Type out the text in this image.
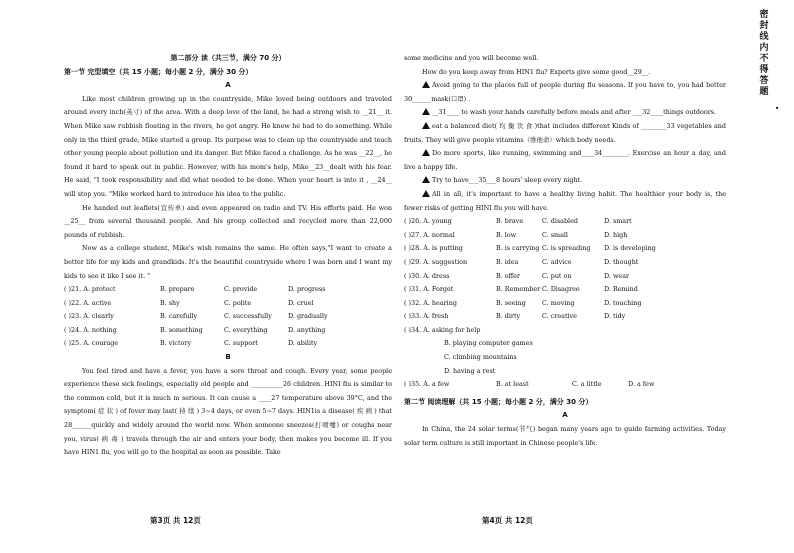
第二部分 读（共三节，满分 70 分）
第一节 完型填空（共 15 小题；每小题 2 分，满分 30 分）
A

Like most children growing up in the countryside, Mike loved being outdoors and traveled around every inch(英寸) of the area. With a deep love of the land, he had a strong wish to __21__ it. When Mike saw rubbish floating in the rivers, he got angry. He knew he had to do something. While only in the third grade, Mike started a group. Its purpose was to clean up the countryside and teach other young people about pollution and its danger. But Mike faced a challenge. As he was __22__, he found it hard to speak out in public. However, with his mom's help, Mike__23__dealt with his fear. He said, "I took responsibility and did what needed to be done. When your heart is into it , __24__ will stop you. "Mike worked hard to introduce his idea to the public.

He handed out leaflets(宣传单) and even appeared on radio and TV. His efforts paid. He won __25__ from several thousand people. And his group collected and recycled more than 22,000 pounds of rubbish.

Now as a college student, Mike's wish remains the same. He often says,"I want to create a better life for my kids and grandkids. It's the beautiful countryside where I was born and I want my kids to see it like I see it. "

( )21. A. protect	B. prepare	C. provide	D. progress
( )22. A. active	B. shy	C. polite	D. cruel
( )23. A. clearly	B. carefully	C. successfully	D. gradually
( )24. A. nothing	B. something	C. everything	D. anything
( )25. A. courage	B. victory	C. support	D. ability
B

You feel tired and have a fever, you have a sore throat and cough. Every year, some people experience these sick feelings, especially old people and __________26 children. HINI flu is similar to the common cold, but it is much m serious. It can cause a ____27 temperature above 39°C, and the symptom( 症 状 ) of fever may last( 持 续 ) 3~4 days, or even 5~7 days. HIN1is a disease( 疾 病 ) that 28______quickly and widely around the world now. When someone sneezes(打喷嚏) or coughs near you, virus( 病 毒 ) travels through the air and enters your body, then makes you become ill. If you have HIN1 flu, you will go to the hospital as soon as possible. Take

some medicine and you will become well.

How do you keep away from HIN1 flu? Experts give some good__29__.

Avoid going to the places full of people during flu seasons. If you have to, you had better 30______mask(口罩) .

__31____ to wash your hands carefully before meals and after ___32____things outdoors.

eat a balanced diet( 均 衡 饮 食 )that includes different Kinds of ________33 vegetables and fruits. They will give people vitamins（维他命）which body needs.

Do more sports, like running, swimming and____34________. Exercise an hour a day, and live a happy life.

Try to have___35___8 hours' sleep every night.

All in all, it's important to have a healthy living habit. The healthier your body is, the fewer risks of getting HINI flu you will have.

( )26. A. young	B. brave	C. disabled	D. smart
( )27. A. normal	B. low	C. small	D. high
( )28. A. is putting	B. is carrying C. is spreading	D. is developing
( )29. A. suggestion	B. idea	C. advice	D. thought
( )30. A. dress	B. offer	C. put on	D. wear
( )31. A. Forget	B. Remember C. Disagree	D. Remind
( )32. A. hearing	B. seeing	C. moving	D. touching
( )33. A. fresh	B. dirty	C. creative	D. tidy
( )34. A. asking for help
B. playing computer games
C. climbing mountains
D. having a rest
( )35. A. a few	B. at least	C. a little	D. a few
第二节 阅读理解（共 15 小题；每小题 2 分，满分 30 分）
A

In China, the 24 solar terms(节气) began many years ago to guide farming activities. Today solar term culture is still important in Chinese people's life.

第3页 共 12页	第4页 共 12页
密
封
线
内
不
得
答
题
.
